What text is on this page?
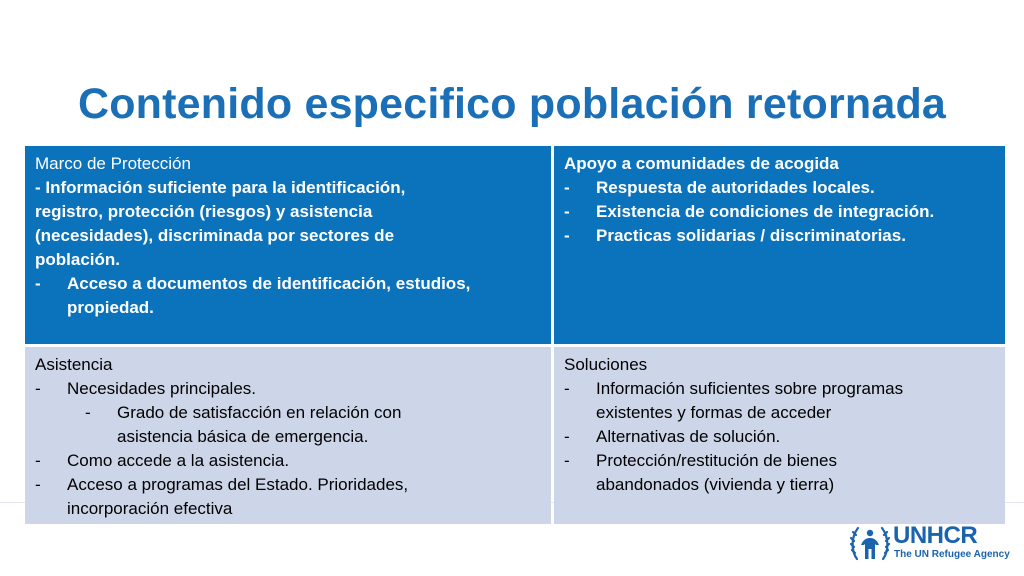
Contenido especifico población retornada
Marco de Protección
- Información suficiente para la identificación,
registro, protección (riesgos) y asistencia
(necesidades), discriminada por sectores de
población.
-	Acceso a documentos de identificación, estudios,
propiedad.
Apoyo a comunidades de acogida
-	Respuesta de autoridades locales.
-	Existencia de condiciones de integración.
-	Practicas solidarias / discriminatorias.
Asistencia
-	Necesidades principales.
-	Grado de satisfacción en relación con
asistencia básica de emergencia.
-	Como accede a la asistencia.
-	Acceso a programas del Estado. Prioridades,
incorporación efectiva
Soluciones
-	Información suficientes sobre programas
existentes y formas de acceder
-	Alternativas de solución.
-	Protección/restitución de bienes
abandonados (vivienda y tierra)
UNHCR
The UN Refugee Agency
